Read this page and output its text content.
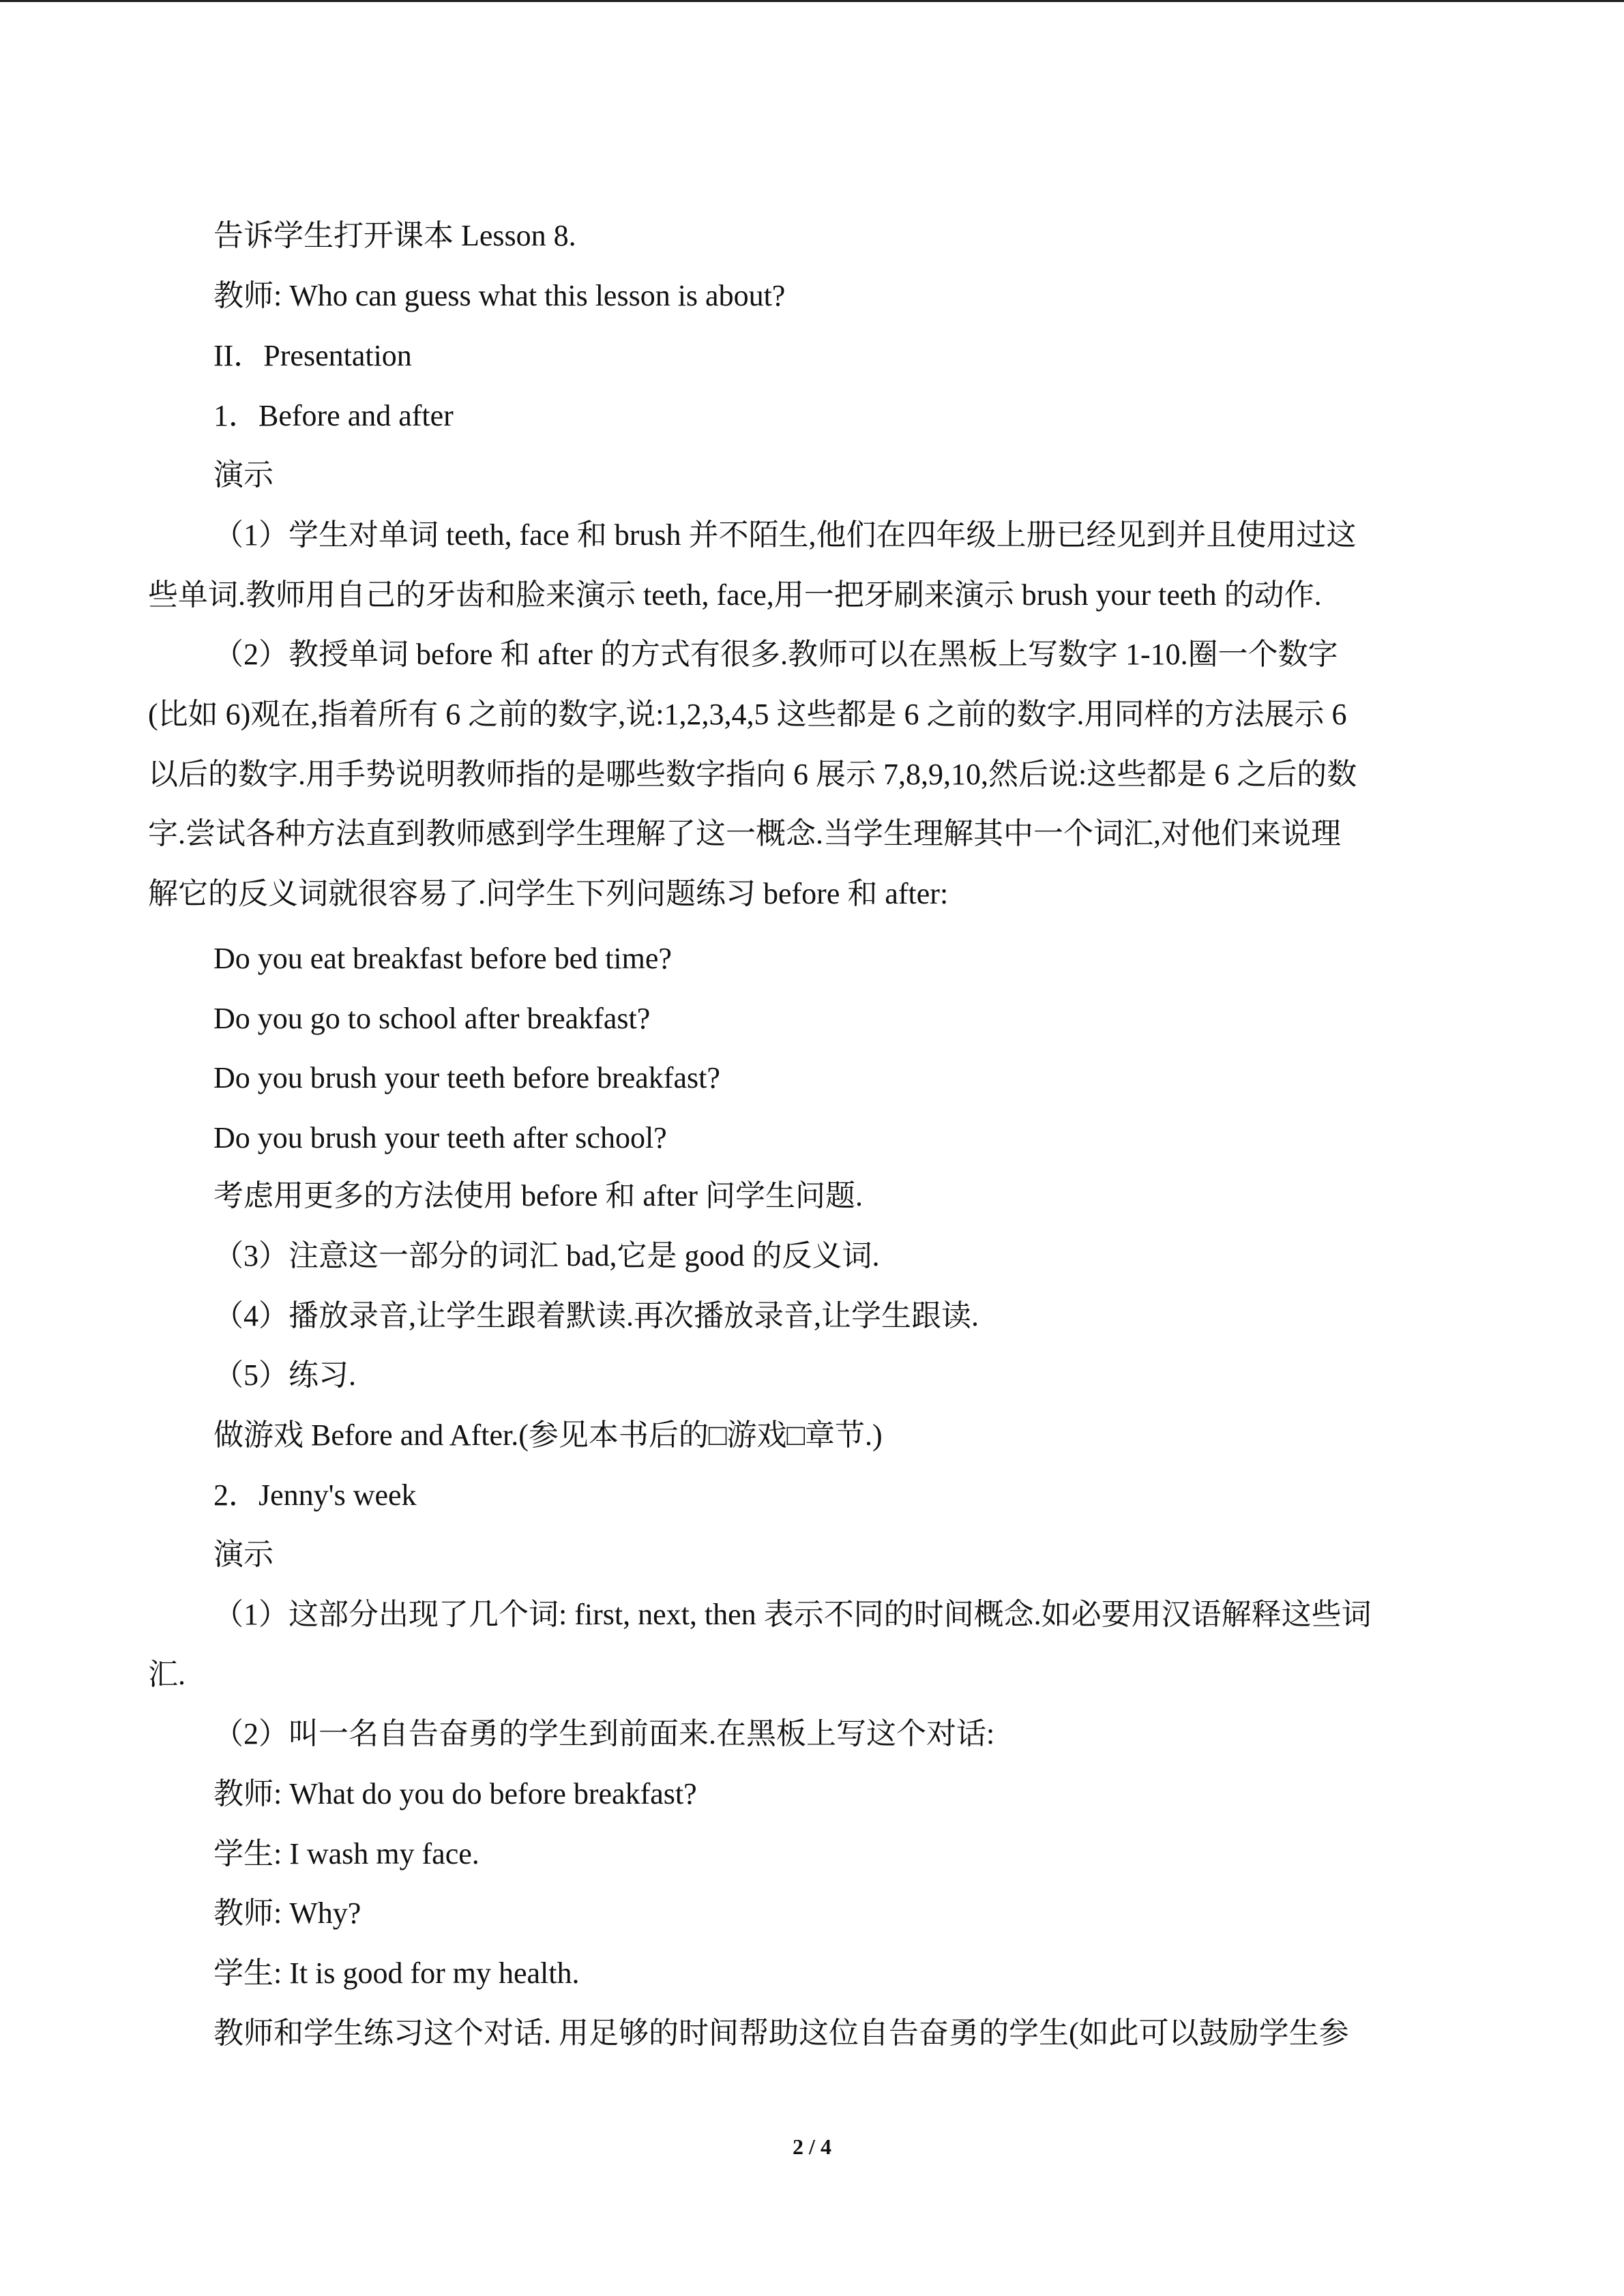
告诉学生打开课本 Lesson 8.
教师: Who can guess what this lesson is about?
II．Presentation
1．Before and after
演示
（1）学生对单词 teeth, face 和 brush 并不陌生,他们在四年级上册已经见到并且使用过这
些单词.教师用自己的牙齿和脸来演示 teeth, face,用一把牙刷来演示 brush your teeth 的动作.
（2）教授单词 before 和 after 的方式有很多.教师可以在黑板上写数字 1-10.圈一个数字
(比如 6)观在,指着所有 6 之前的数字,说:1,2,3,4,5 这些都是 6 之前的数字.用同样的方法展示 6
以后的数字.用手势说明教师指的是哪些数字指向 6 展示 7,8,9,10,然后说:这些都是 6 之后的数
字.尝试各种方法直到教师感到学生理解了这一概念.当学生理解其中一个词汇,对他们来说理
解它的反义词就很容易了.问学生下列问题练习 before 和 after:
Do you eat breakfast before bed time?
Do you go to school after breakfast?
Do you brush your teeth before breakfast?
Do you brush your teeth after school?
考虑用更多的方法使用 before 和 after 问学生问题.
（3）注意这一部分的词汇 bad,它是 good 的反义词.
（4）播放录音,让学生跟着默读.再次播放录音,让学生跟读.
（5）练习.
做游戏 Before and After.(参见本书后的□游戏□章节.)
2．Jenny's week
演示
（1）这部分出现了几个词: first, next, then 表示不同的时间概念.如必要用汉语解释这些词
汇.
（2）叫一名自告奋勇的学生到前面来.在黑板上写这个对话:
教师: What do you do before breakfast?
学生: I wash my face.
教师: Why?
学生: It is good for my health.
教师和学生练习这个对话. 用足够的时间帮助这位自告奋勇的学生(如此可以鼓励学生参
2 / 4
